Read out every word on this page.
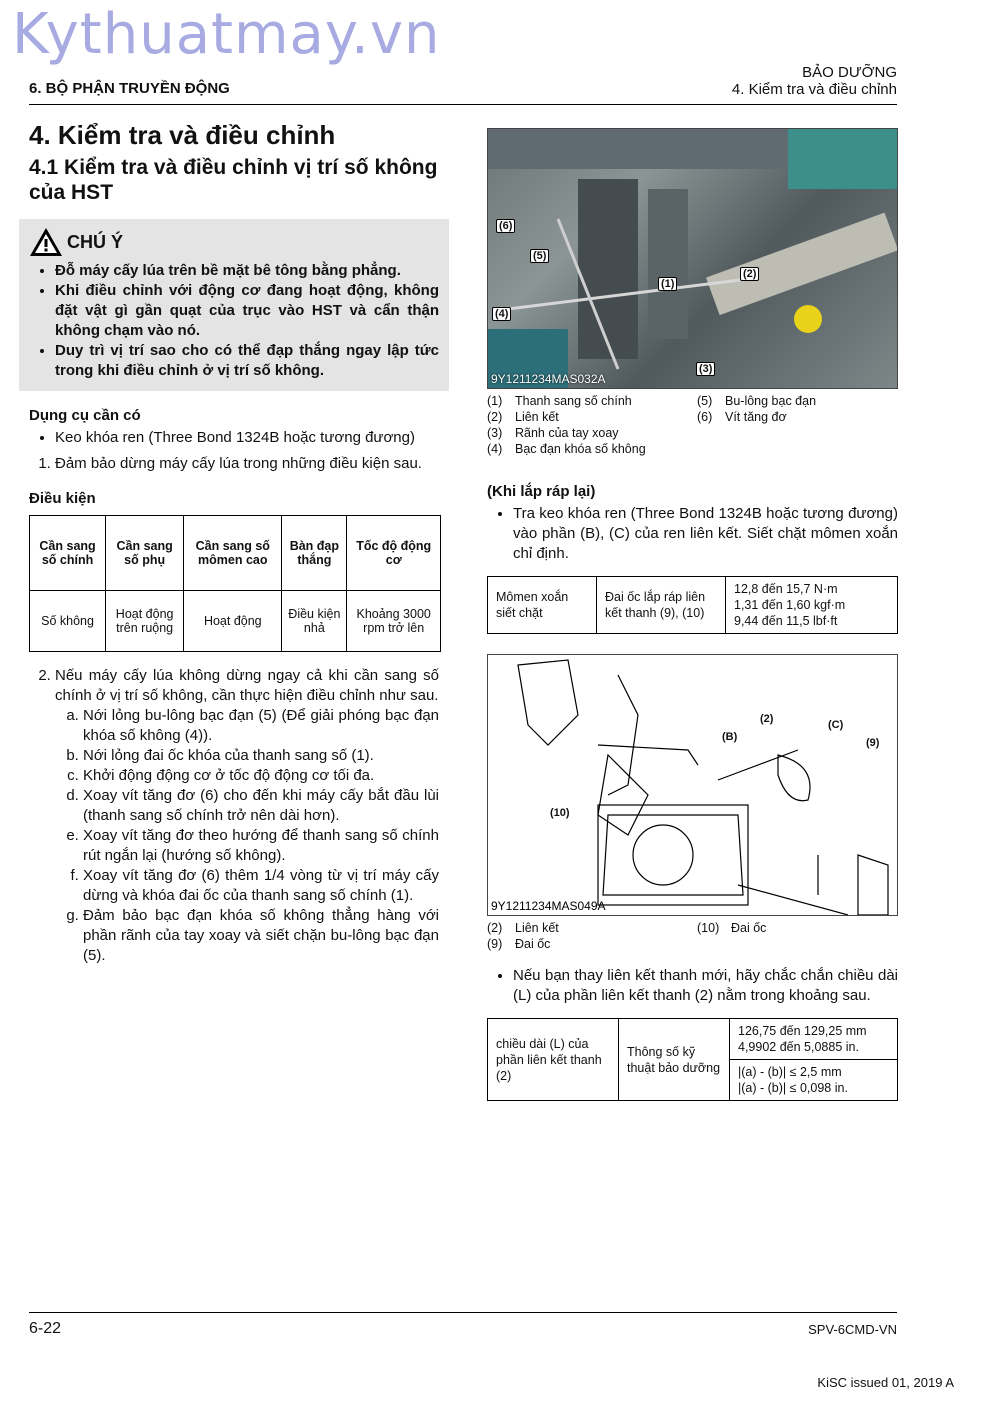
Kythuatmay.vn
6. BỘ PHẬN TRUYỀN ĐỘNG
BẢO DƯỠNG
4. Kiểm tra và điều chỉnh
4. Kiểm tra và điều chỉnh
4.1 Kiểm tra và điều chỉnh vị trí số không của HST
CHÚ Ý
• Đỗ máy cấy lúa trên bề mặt bê tông bằng phẳng.
• Khi điều chỉnh với động cơ đang hoạt động, không đặt vật gì gần quạt của trục vào HST và cẩn thận không chạm vào nó.
• Duy trì vị trí sao cho có thể đạp thắng ngay lập tức trong khi điều chỉnh ở vị trí số không.
Dụng cụ cần có
• Keo khóa ren (Three Bond 1324B hoặc tương đương)
1. Đảm bảo dừng máy cấy lúa trong những điều kiện sau.
Điều kiện
Cần sang số chính	Cần sang số phụ	Cần sang số mômen cao	Bàn đạp thắng	Tốc độ động cơ
Số không	Hoạt động trên ruộng	Hoạt động	Điều kiện nhả	Khoảng 3000 rpm trở lên
2. Nếu máy cấy lúa không dừng ngay cả khi cần sang số chính ở vị trí số không, cần thực hiện điều chỉnh như sau.
a. Nới lỏng bu-lông bạc đạn (5) (Để giải phóng bạc đạn khóa số không (4)).
b. Nới lỏng đai ốc khóa của thanh sang số (1).
c. Khởi động động cơ ở tốc độ động cơ tối đa.
d. Xoay vít tăng đơ (6) cho đến khi máy cấy bắt đầu lùi (thanh sang số chính trở nên dài hơn).
e. Xoay vít tăng đơ theo hướng để thanh sang số chính rút ngắn lại (hướng số không).
f. Xoay vít tăng đơ (6) thêm 1/4 vòng từ vị trí máy cấy dừng và khóa đai ốc của thanh sang số chính (1).
g. Đảm bảo bạc đạn khóa số không thẳng hàng với phần rãnh của tay xoay và siết chặn bu-lông bạc đạn (5).
(6)
(5)
(1)
(2)
(4)
(3)
9Y1211234MAS032A
(1)	Thanh sang số chính	(5)	Bu-lông bạc đạn
(2)	Liên kết	(6)	Vít tăng đơ
(3)	Rãnh của tay xoay
(4)	Bạc đạn khóa số không
(Khi lắp ráp lại)
• Tra keo khóa ren (Three Bond 1324B hoặc tương đương) vào phần (B), (C) của ren liên kết. Siết chặt mômen xoắn chỉ định.
Mômen xoắn siết chặt	Đai ốc lắp ráp liên kết thanh (9), (10)	
12,8 đến 15,7 N·m
1,31 đến 1,60 kgf·m
9,44 đến 11,5 lbf·ft
(2)	(C)
(B)	(9)
(10)
9Y1211234MAS049A
(2)	Liên kết	(10) Đai ốc
(9)	Đai ốc
• Nếu bạn thay liên kết thanh mới, hãy chắc chắn chiều dài (L) của phần liên kết thanh (2) nằm trong khoảng sau.
chiều dài (L) của phần liên kết thanh (2)	Thông số kỹ thuật bảo dưỡng	
126,75 đến 129,25 mm
4,9902 đến 5,0885 in.

|(a) - (b)| ≤ 2,5 mm
|(a) - (b)| ≤ 0,098 in.
6-22	SPV-6CMD-VN
KiSC issued 01, 2019 A
